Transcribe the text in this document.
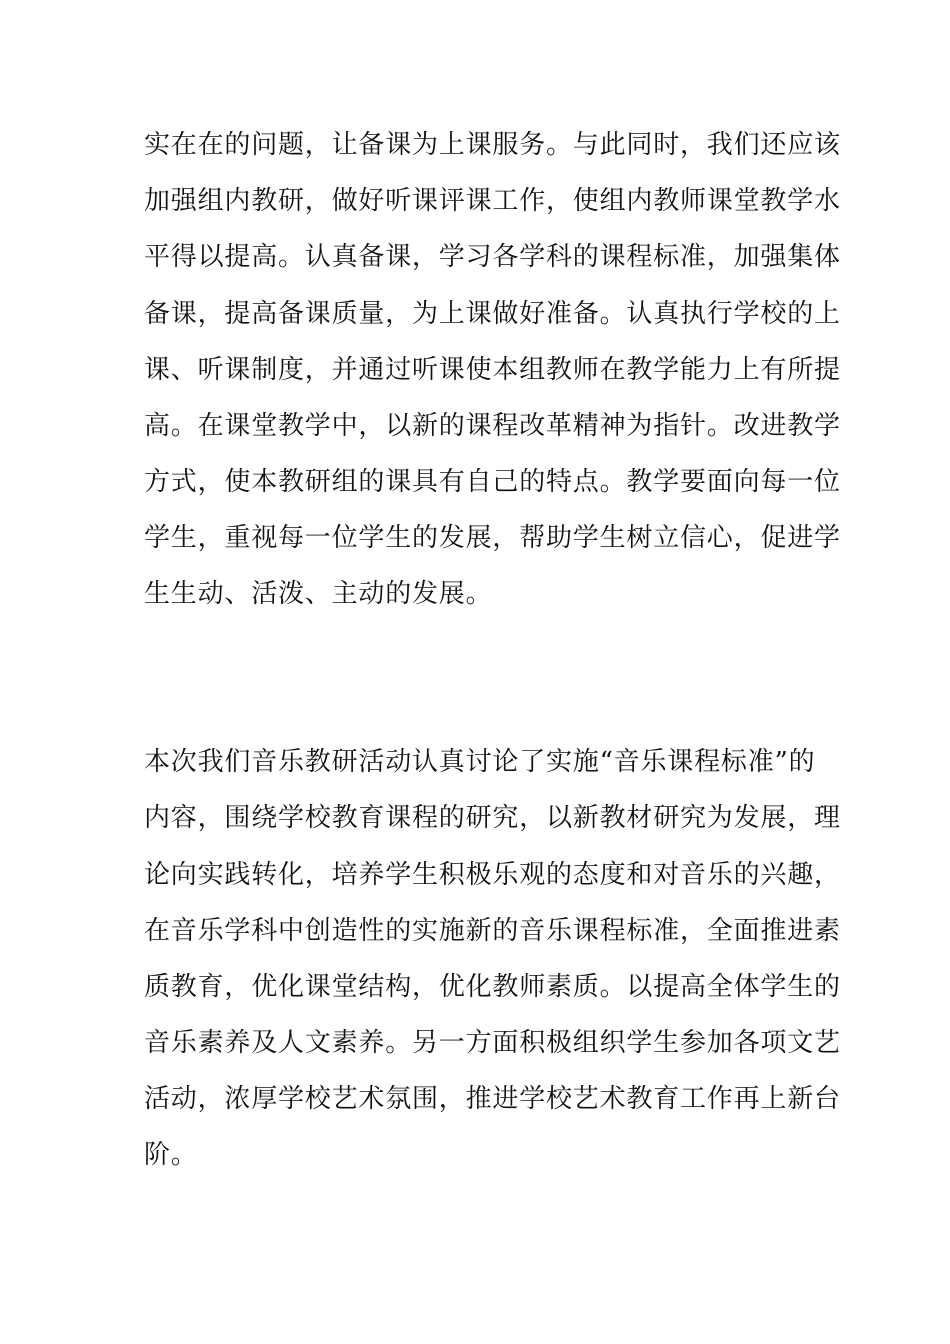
实在在的问题，让备课为上课服务。与此同时，我们还应该
加强组内教研，做好听课评课工作，使组内教师课堂教学水
平得以提高。认真备课，学习各学科的课程标准，加强集体
备课，提高备课质量，为上课做好准备。认真执行学校的上
课、听课制度，并通过听课使本组教师在教学能力上有所提
高。在课堂教学中，以新的课程改革精神为指针。改进教学
方式，使本教研组的课具有自己的特点。教学要面向每一位
学生，重视每一位学生的发展，帮助学生树立信心，促进学
生生动、活泼、主动的发展。
本次我们音乐教研活动认真讨论了实施“音乐课程标准”的
内容，围绕学校教育课程的研究，以新教材研究为发展，理
论向实践转化，培养学生积极乐观的态度和对音乐的兴趣，
在音乐学科中创造性的实施新的音乐课程标准，全面推进素
质教育，优化课堂结构，优化教师素质。以提高全体学生的
音乐素养及人文素养。另一方面积极组织学生参加各项文艺
活动，浓厚学校艺术氛围，推进学校艺术教育工作再上新台
阶。
